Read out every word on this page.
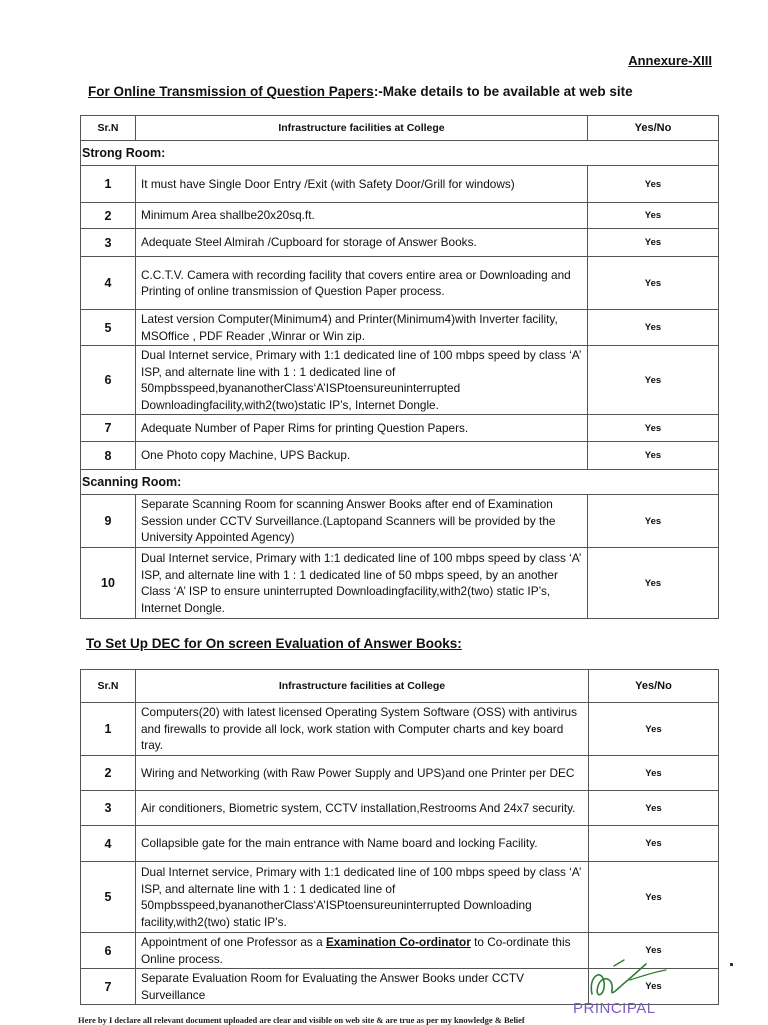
Annexure-XIII
For Online Transmission of Question Papers:-Make details to be available at web site
Sr.N	Infrastructure facilities at College	Yes/No
Strong Room:		
1	It must have Single Door Entry /Exit (with Safety Door/Grill for windows)	Yes
2	Minimum Area shallbe20x20sq.ft.	Yes
3	Adequate Steel Almirah /Cupboard for storage of Answer Books.	Yes
4	C.C.T.V. Camera with recording facility that covers entire area or Downloading and Printing of online transmission of Question Paper process.	Yes
5	Latest version Computer(Minimum4) and Printer(Minimum4)with Inverter facility, MSOffice , PDF Reader ,Winrar or Win zip.	Yes
6	Dual Internet service, Primary with 1:1 dedicated line of 100 mbps speed by class ‘A’ ISP, and alternate line with 1 : 1 dedicated line of 50mpbsspeed,byananotherClass‘A’ISPtoensureuninterrupted Downloadingfacility,with2(two)static IP’s, Internet Dongle.	Yes
7	Adequate Number of Paper Rims for printing Question Papers.	Yes
8	One Photo copy Machine, UPS Backup.	Yes
Scanning Room:		
9	Separate Scanning Room for scanning Answer Books after end of Examination Session under CCTV Surveillance.(Laptopand Scanners will be provided by the University Appointed Agency)	Yes
10	Dual Internet service, Primary with 1:1 dedicated line of 100 mbps speed by class ‘A’ ISP, and alternate line with 1 : 1 dedicated line of 50 mbps speed, by an another Class ‘A’ ISP to ensure uninterrupted Downloadingfacility,with2(two) static IP’s, Internet Dongle.	Yes
To Set Up DEC for On screen Evaluation of Answer Books:
Sr.N	Infrastructure facilities at College	Yes/No
1	Computers(20) with latest licensed Operating System Software (OSS) with antivirus and firewalls to provide all lock, work station with Computer charts and key board tray.	Yes
2	Wiring and Networking (with Raw Power Supply and UPS)and one Printer per DEC	Yes
3	Air conditioners, Biometric system, CCTV installation,Restrooms And 24x7 security.	Yes
4	Collapsible gate for the main entrance with Name board and locking Facility.	Yes
5	Dual Internet service, Primary with 1:1 dedicated line of 100 mbps speed by class ‘A’ ISP, and alternate line with 1 : 1 dedicated line of 50mpbsspeed,byananotherClass‘A’ISPtoensureuninterrupted Downloading facility,with2(two) static IP’s.	Yes
6	Appointment of one Professor as a Examination Co-ordinator to Co-ordinate this Online process.	Yes
7	Separate Evaluation Room for Evaluating the Answer Books under CCTV Surveillance	Yes
PRINCIPAL
Here by I declare all relevant document uploaded are clear and visible on web site & are true as per my knowledge & Belief
